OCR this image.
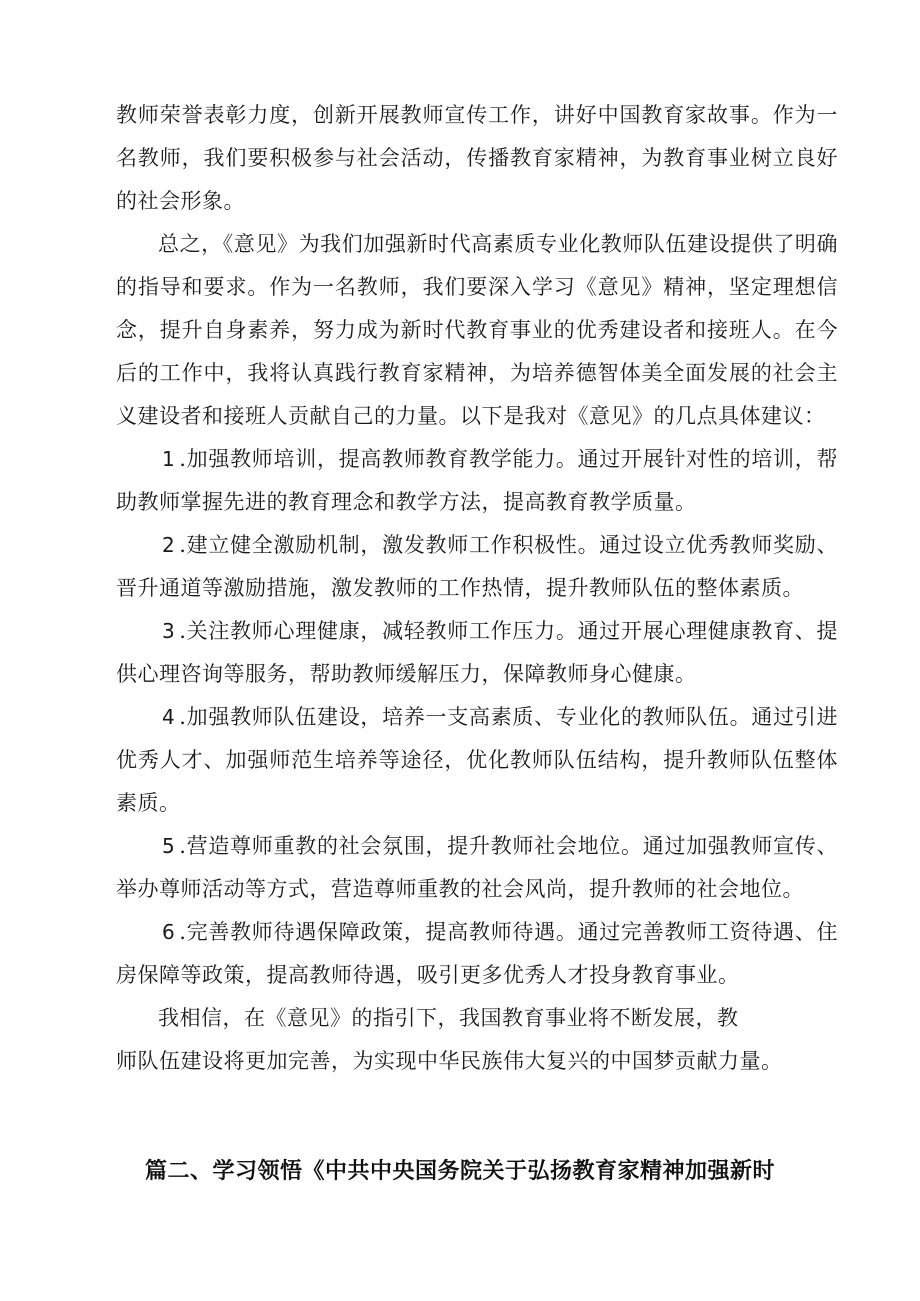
教师荣誉表彰力度，创新开展教师宣传工作，讲好中国教育家故事。作为一名教师，我们要积极参与社会活动，传播教育家精神，为教育事业树立良好的社会形象。

总之，《意见》为我们加强新时代高素质专业化教师队伍建设提供了明确的指导和要求。作为一名教师，我们要深入学习《意见》精神，坚定理想信念，提升自身素养，努力成为新时代教育事业的优秀建设者和接班人。在今后的工作中，我将认真践行教育家精神，为培养德智体美全面发展的社会主义建设者和接班人贡献自己的力量。以下是我对《意见》的几点具体建议：

1 .加强教师培训，提高教师教育教学能力。通过开展针对性的培训，帮助教师掌握先进的教育理念和教学方法，提高教育教学质量。

2 .建立健全激励机制，激发教师工作积极性。通过设立优秀教师奖励、晋升通道等激励措施，激发教师的工作热情，提升教师队伍的整体素质。

3 .关注教师心理健康，减轻教师工作压力。通过开展心理健康教育、提供心理咨询等服务，帮助教师缓解压力，保障教师身心健康。

4 .加强教师队伍建设，培养一支高素质、专业化的教师队伍。通过引进优秀人才、加强师范生培养等途径，优化教师队伍结构，提升教师队伍整体素质。

5 .营造尊师重教的社会氛围，提升教师社会地位。通过加强教师宣传、举办尊师活动等方式，营造尊师重教的社会风尚，提升教师的社会地位。

6 .完善教师待遇保障政策，提高教师待遇。通过完善教师工资待遇、住房保障等政策，提高教师待遇，吸引更多优秀人才投身教育事业。

我相信，在《意见》的指引下，我国教育事业将不断发展，教
师队伍建设将更加完善，为实现中华民族伟大复兴的中国梦贡献力量。

篇二、学习领悟《中共中央国务院关于弘扬教育家精神加强新时
